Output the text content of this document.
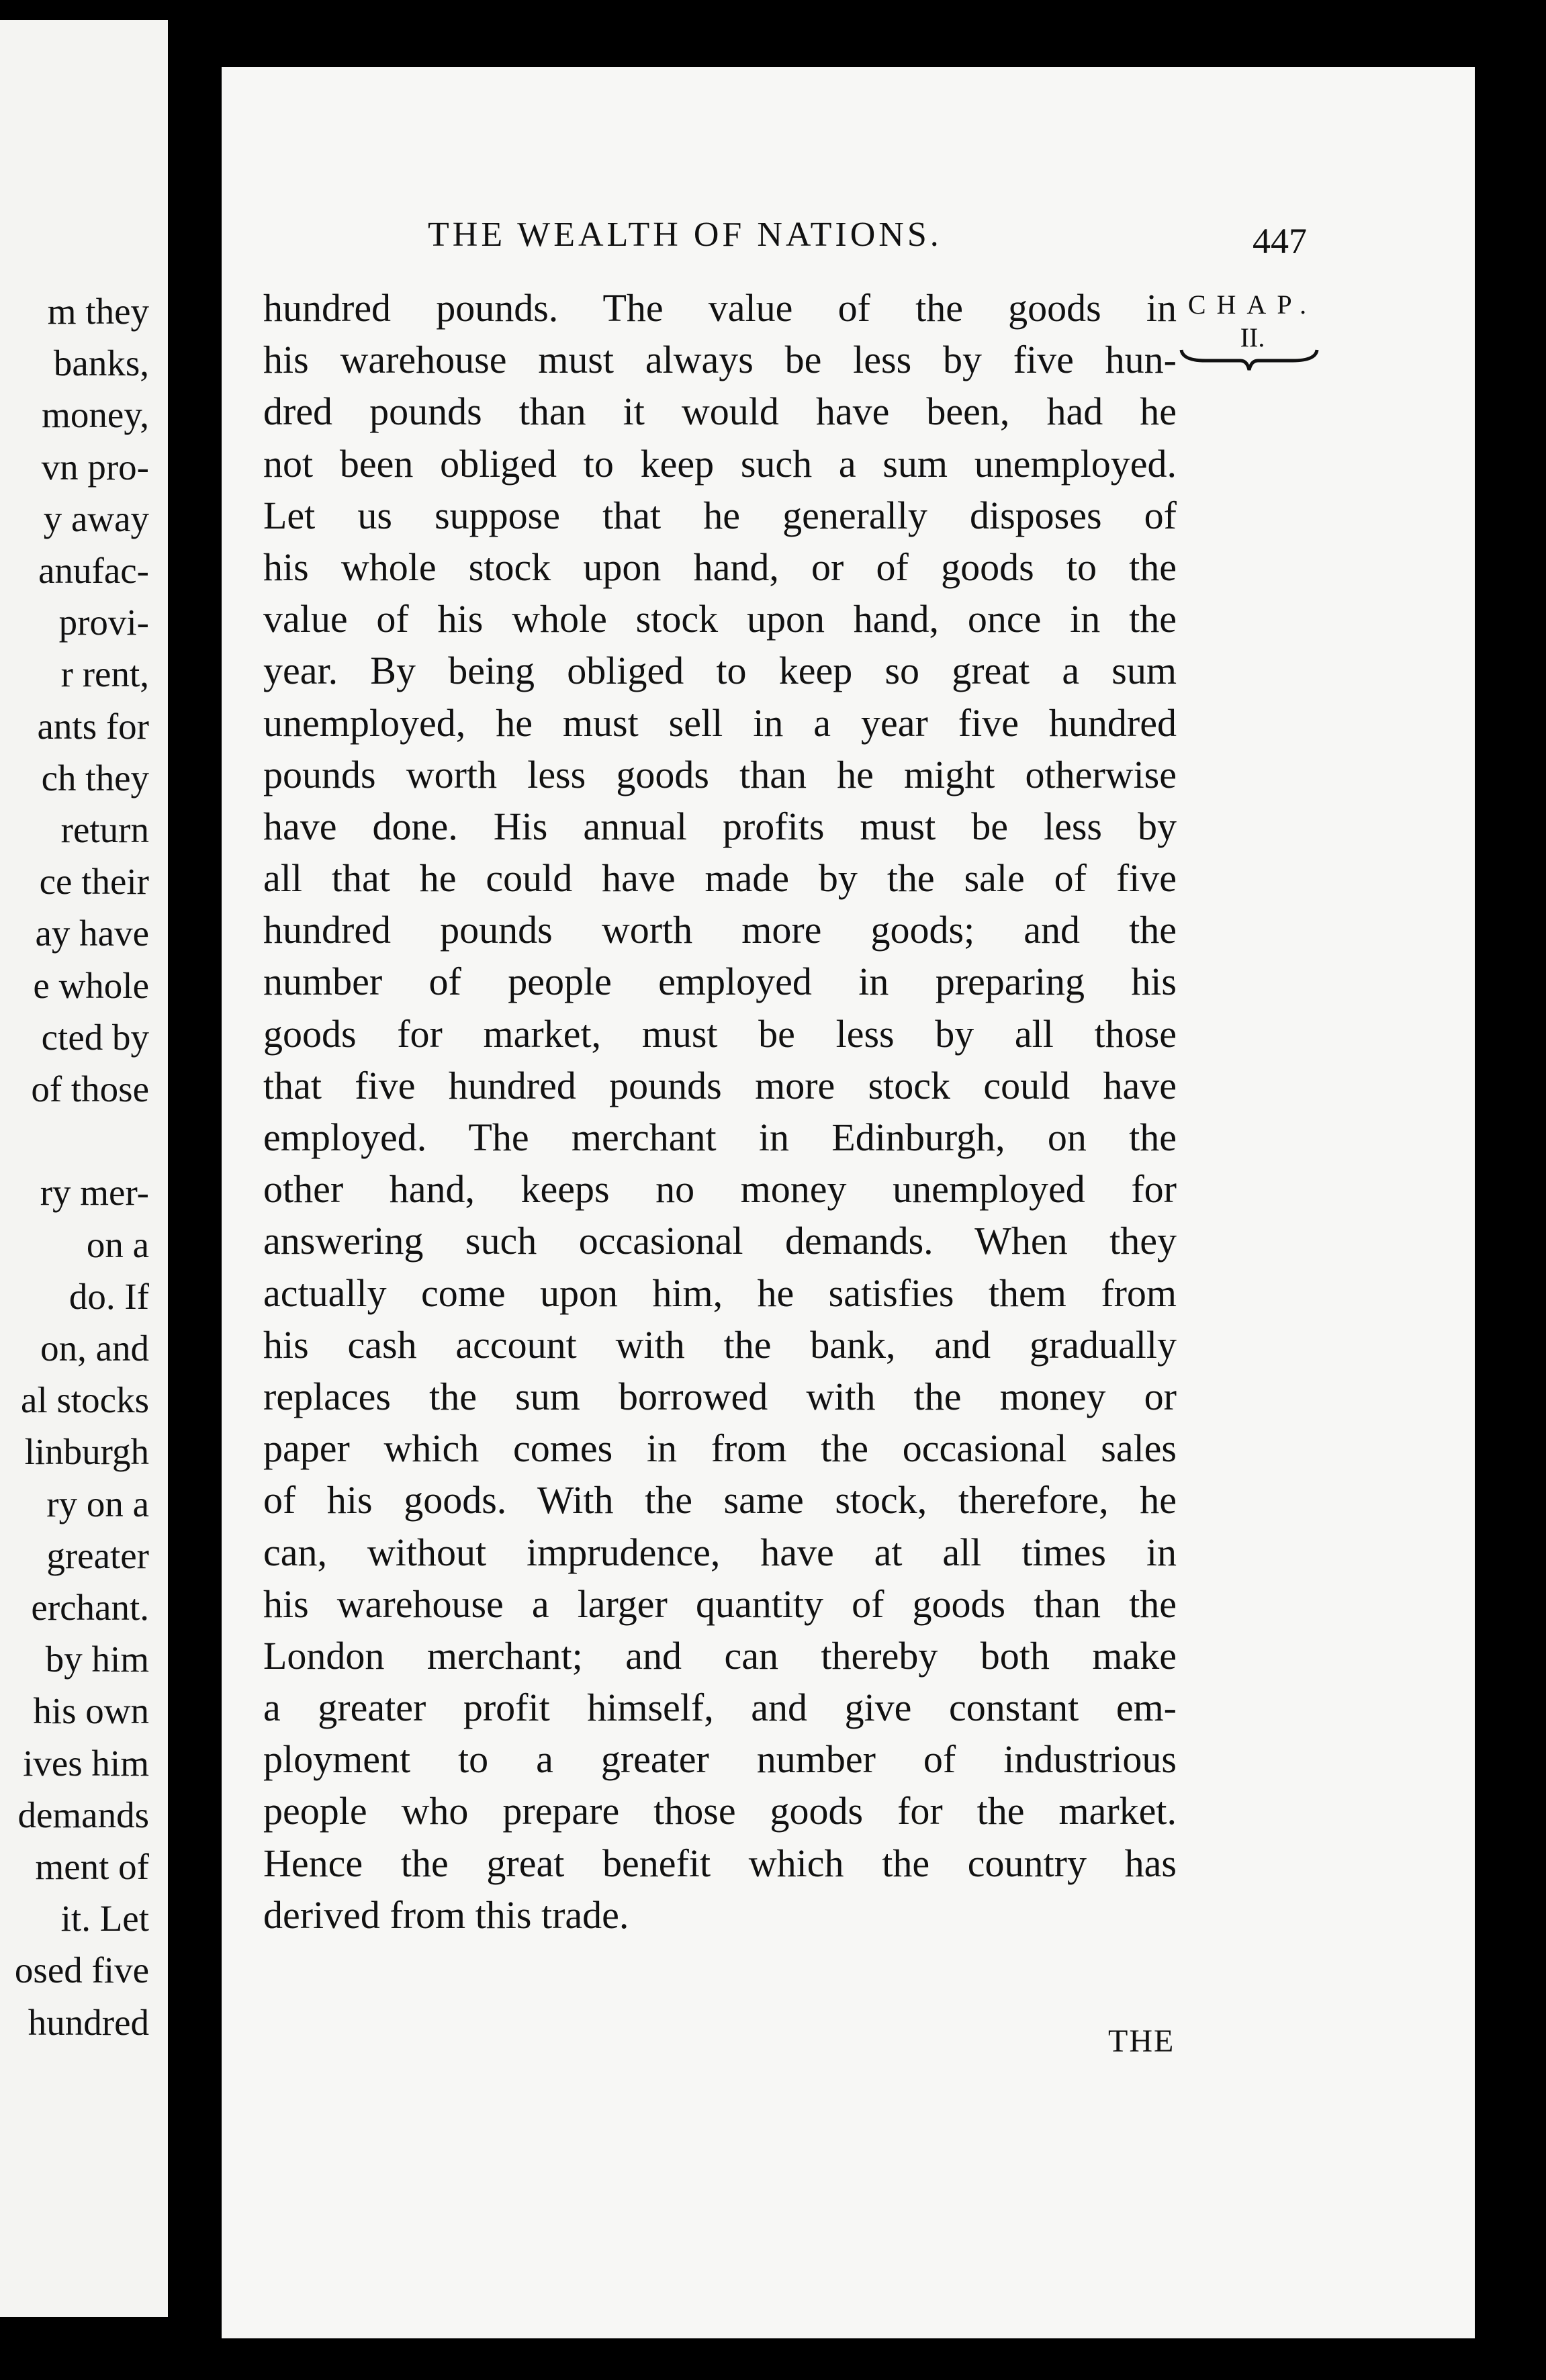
m they
banks,
money,
vn pro-
y away
anufac-
provi-
r rent,
ants for
ch they
return
ce their
ay have
e whole
cted by
of those
ry mer-
on a
do. If
on, and
al stocks
linburgh
ry on a
greater
erchant.
by him
his own
ives him
demands
ment of
it. Let
osed five
hundred
THE WEALTH OF NATIONS.	447
CHAP.
II.
hundred pounds. The value of the goods in
his warehouse must always be less by five hun-
dred pounds than it would have been, had he
not been obliged to keep such a sum unemployed.
Let us suppose that he generally disposes of
his whole stock upon hand, or of goods to the
value of his whole stock upon hand, once in the
year. By being obliged to keep so great a sum
unemployed, he must sell in a year five hundred
pounds worth less goods than he might otherwise
have done. His annual profits must be less by
all that he could have made by the sale of five
hundred pounds worth more goods; and the
number of people employed in preparing his
goods for market, must be less by all those
that five hundred pounds more stock could have
employed. The merchant in Edinburgh, on the
other hand, keeps no money unemployed for
answering such occasional demands. When they
actually come upon him, he satisfies them from
his cash account with the bank, and gradually
replaces the sum borrowed with the money or
paper which comes in from the occasional sales
of his goods. With the same stock, therefore, he
can, without imprudence, have at all times in
his warehouse a larger quantity of goods than the
London merchant; and can thereby both make
a greater profit himself, and give constant em-
ployment to a greater number of industrious
people who prepare those goods for the market.
Hence the great benefit which the country has
derived from this trade.
THE
